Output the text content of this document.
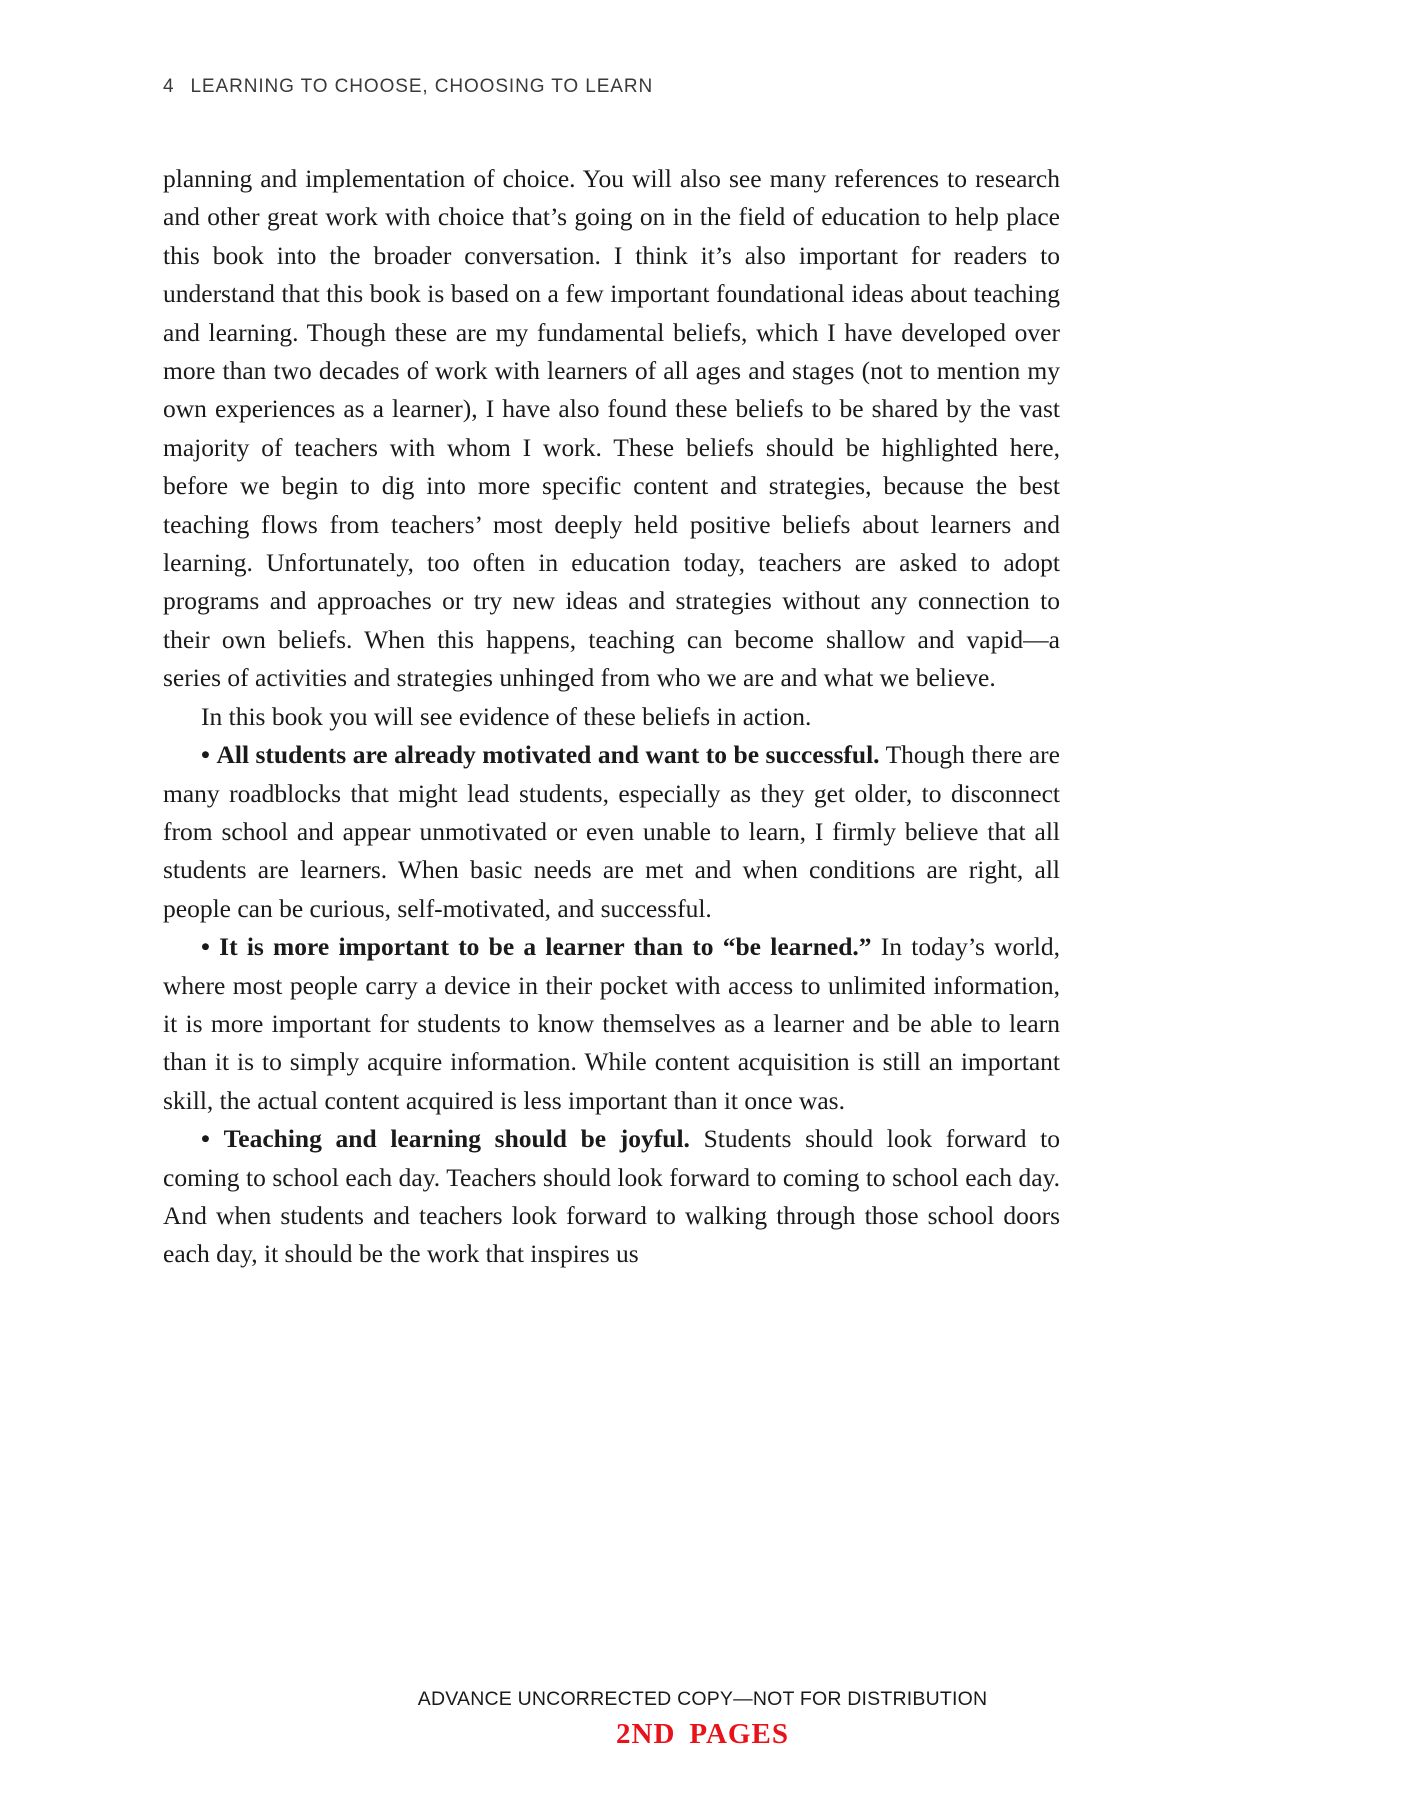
4 LEARNING TO CHOOSE, CHOOSING TO LEARN

planning and implementation of choice. You will also see many references to research and other great work with choice that’s going on in the field of education to help place this book into the broader conversation. I think it’s also important for readers to understand that this book is based on a few important foundational ideas about teaching and learning. Though these are my fundamental beliefs, which I have developed over more than two decades of work with learners of all ages and stages (not to mention my own experiences as a learner), I have also found these beliefs to be shared by the vast majority of teachers with whom I work. These beliefs should be highlighted here, before we begin to dig into more specific content and strategies, because the best teaching flows from teachers’ most deeply held positive beliefs about learners and learning. Unfortunately, too often in education today, teachers are asked to adopt programs and approaches or try new ideas and strategies without any connection to their own beliefs. When this happens, teaching can become shallow and vapid—a series of activities and strategies unhinged from who we are and what we believe.

In this book you will see evidence of these beliefs in action.

• All students are already motivated and want to be successful. Though there are many roadblocks that might lead students, especially as they get older, to disconnect from school and appear unmotivated or even unable to learn, I firmly believe that all students are learners. When basic needs are met and when conditions are right, all people can be curious, self-motivated, and successful.

• It is more important to be a learner than to “be learned.” In today’s world, where most people carry a device in their pocket with access to unlimited information, it is more important for students to know themselves as a learner and be able to learn than it is to simply acquire information. While content acquisition is still an important skill, the actual content acquired is less important than it once was.

• Teaching and learning should be joyful. Students should look forward to coming to school each day. Teachers should look forward to coming to school each day. And when students and teachers look forward to walking through those school doors each day, it should be the work that inspires us

ADVANCE UNCORRECTED COPY—NOT FOR DISTRIBUTION
2ND PAGES
